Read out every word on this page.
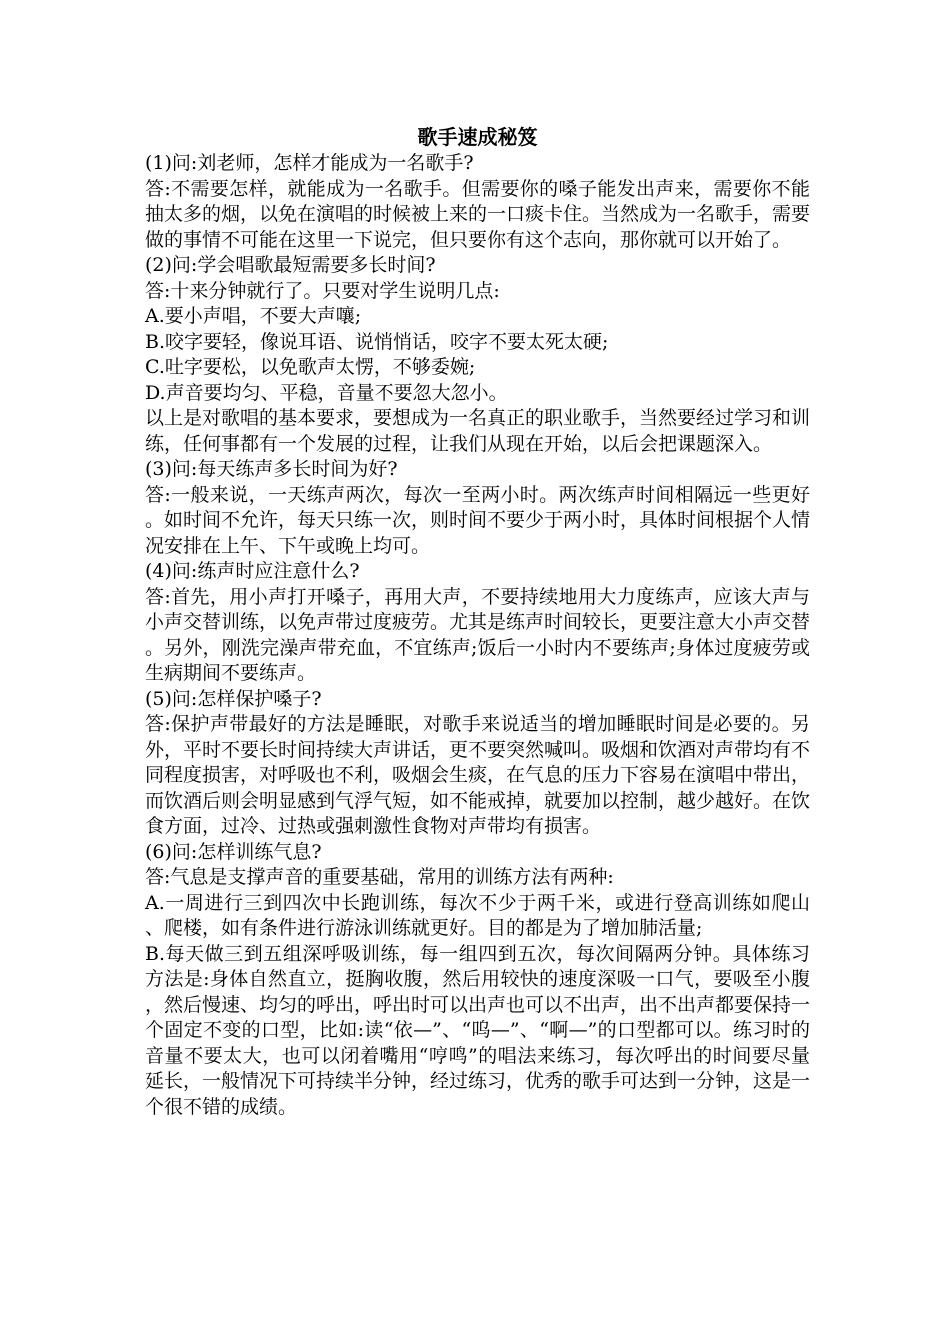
歌手速成秘笈

(1)问:刘老师，怎样才能成为一名歌手?

答:不需要怎样，就能成为一名歌手。但需要你的嗓子能发出声来，需要你不能抽太多的烟，以免在演唱的时候被上来的一口痰卡住。当然成为一名歌手，需要做的事情不可能在这里一下说完，但只要你有这个志向，那你就可以开始了。

(2)问:学会唱歌最短需要多长时间?

答:十来分钟就行了。只要对学生说明几点:

A.要小声唱，不要大声嚷;

B.咬字要轻，像说耳语、说悄悄话，咬字不要太死太硬;

C.吐字要松，以免歌声太愣，不够委婉;

D.声音要均匀、平稳，音量不要忽大忽小。

以上是对歌唱的基本要求，要想成为一名真正的职业歌手，当然要经过学习和训练，任何事都有一个发展的过程，让我们从现在开始，以后会把课题深入。

(3)问:每天练声多长时间为好?

答:一般来说，一天练声两次，每次一至两小时。两次练声时间相隔远一些更好。如时间不允许，每天只练一次，则时间不要少于两小时，具体时间根据个人情况安排在上午、下午或晚上均可。

(4)问:练声时应注意什么?

答:首先，用小声打开嗓子，再用大声，不要持续地用大力度练声，应该大声与小声交替训练，以免声带过度疲劳。尤其是练声时间较长，更要注意大小声交替。另外，刚洗完澡声带充血，不宜练声;饭后一小时内不要练声;身体过度疲劳或生病期间不要练声。

(5)问:怎样保护嗓子?

答:保护声带最好的方法是睡眠，对歌手来说适当的增加睡眠时间是必要的。另外，平时不要长时间持续大声讲话，更不要突然喊叫。吸烟和饮酒对声带均有不同程度损害，对呼吸也不利，吸烟会生痰，在气息的压力下容易在演唱中带出，而饮酒后则会明显感到气浮气短，如不能戒掉，就要加以控制，越少越好。在饮食方面，过冷、过热或强刺激性食物对声带均有损害。

(6)问:怎样训练气息?

答:气息是支撑声音的重要基础，常用的训练方法有两种:

A.一周进行三到四次中长跑训练，每次不少于两千米，或进行登高训练如爬山、爬楼，如有条件进行游泳训练就更好。目的都是为了增加肺活量;

B.每天做三到五组深呼吸训练，每一组四到五次，每次间隔两分钟。具体练习方法是:身体自然直立，挺胸收腹，然后用较快的速度深吸一口气，要吸至小腹，然后慢速、均匀的呼出，呼出时可以出声也可以不出声，出不出声都要保持一个固定不变的口型，比如:读“依—”、“呜—”、“啊—”的口型都可以。练习时的音量不要太大，也可以闭着嘴用“哼鸣”的唱法来练习，每次呼出的时间要尽量延长，一般情况下可持续半分钟，经过练习，优秀的歌手可达到一分钟，这是一个很不错的成绩。
